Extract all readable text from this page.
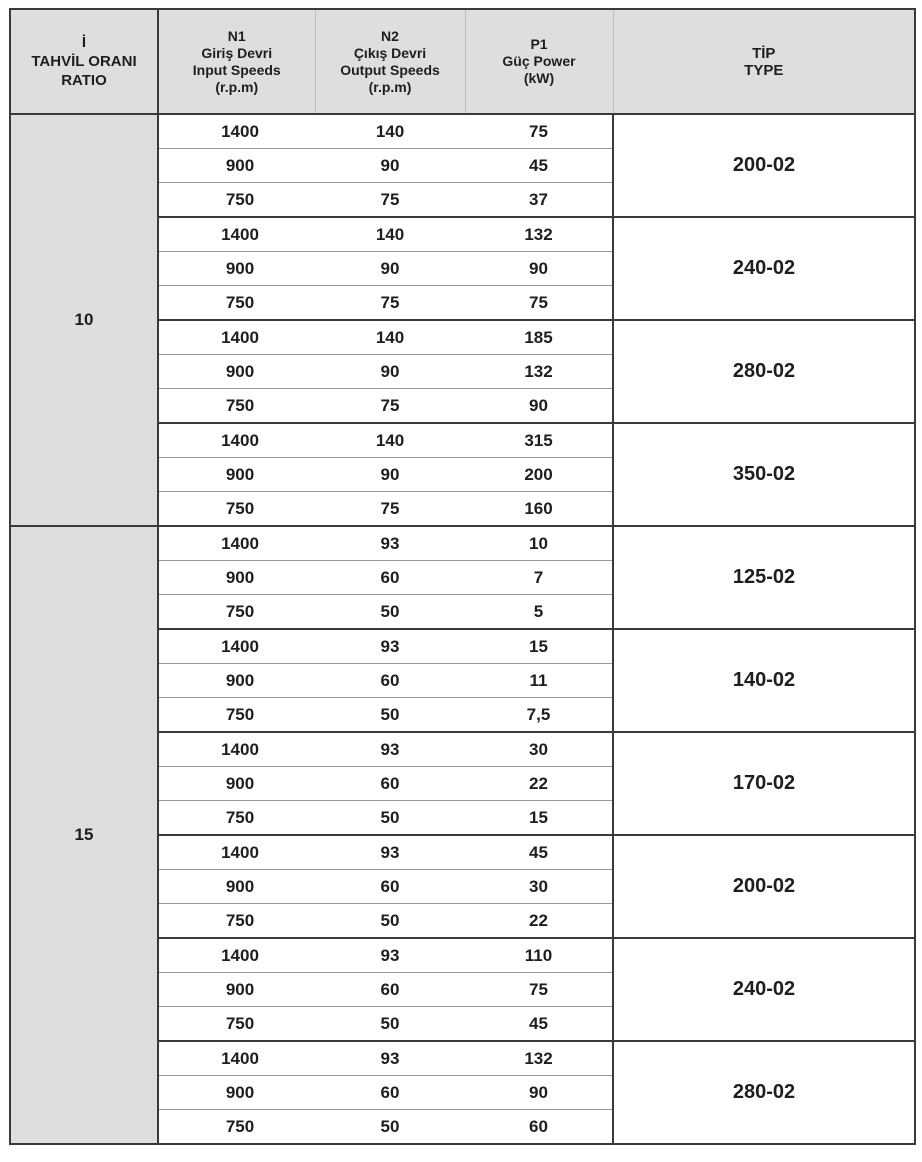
İ
TAHVİL ORANI
RATIO	N1
Giriş Devri
Input Speeds
(r.p.m)	N2
Çıkış Devri
Output Speeds
(r.p.m)	P1
Güç Power
(kW)	TİP
TYPE

10	1400	140	75	200-02
	900	90	45	
	750	75	37	
	1400	140	132	240-02
	900	90	90	
	750	75	75	
	1400	140	185	280-02
	900	90	132	
	750	75	90	
	1400	140	315	350-02
	900	90	200	
	750	75	160	
15	1400	93	10	125-02
	900	60	7	
	750	50	5	
	1400	93	15	140-02
	900	60	11	
	750	50	7,5	
	1400	93	30	170-02
	900	60	22	
	750	50	15	
	1400	93	45	200-02
	900	60	30	
	750	50	22	
	1400	93	110	240-02
	900	60	75	
	750	50	45	
	1400	93	132	280-02
	900	60	90	
	750	50	60	
